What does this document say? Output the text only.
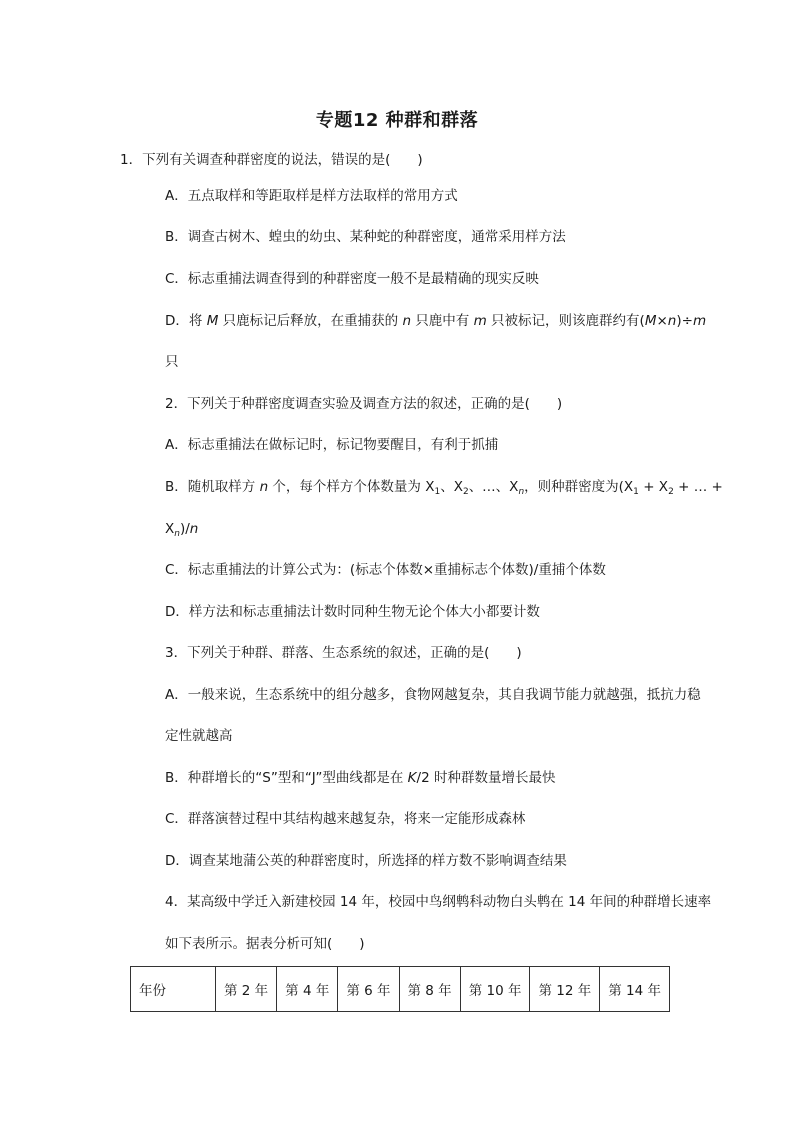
专题12 种群和群落
1．下列有关调查种群密度的说法，错误的是(　　)
A．五点取样和等距取样是样方法取样的常用方式
B．调查古树木、蝗虫的幼虫、某种蛇的种群密度，通常采用样方法
C．标志重捕法调查得到的种群密度一般不是最精确的现实反映
D．将 M 只鹿标记后释放，在重捕获的 n 只鹿中有 m 只被标记，则该鹿群约有(M×n)÷m
只
2．下列关于种群密度调查实验及调查方法的叙述，正确的是(　　)
A．标志重捕法在做标记时，标记物要醒目，有利于抓捕
B．随机取样方 n 个，每个样方个体数量为 $X_1$、$X_2$、…、$X_n$，则种群密度为($X_1 + X_2$ + … +
$X_n)/n$
C．标志重捕法的计算公式为：(标志个体数×重捕标志个体数)/重捕个体数
D．样方法和标志重捕法计数时同种生物无论个体大小都要计数
3．下列关于种群、群落、生态系统的叙述，正确的是(　　)
A．一般来说，生态系统中的组分越多，食物网越复杂，其自我调节能力就越强，抵抗力稳
定性就越高
B．种群增长的“S”型和“J”型曲线都是在 K/2 时种群数量增长最快
C．群落演替过程中其结构越来越复杂，将来一定能形成森林
D．调查某地蒲公英的种群密度时，所选择的样方数不影响调查结果
4．某高级中学迁入新建校园 14 年，校园中鸟纲鹎科动物白头鹎在 14 年间的种群增长速率
如下表所示。据表分析可知(　　)
年份	第 2 年	第 4 年	第 6 年	第 8 年	第 10 年	第 12 年	第 14 年
